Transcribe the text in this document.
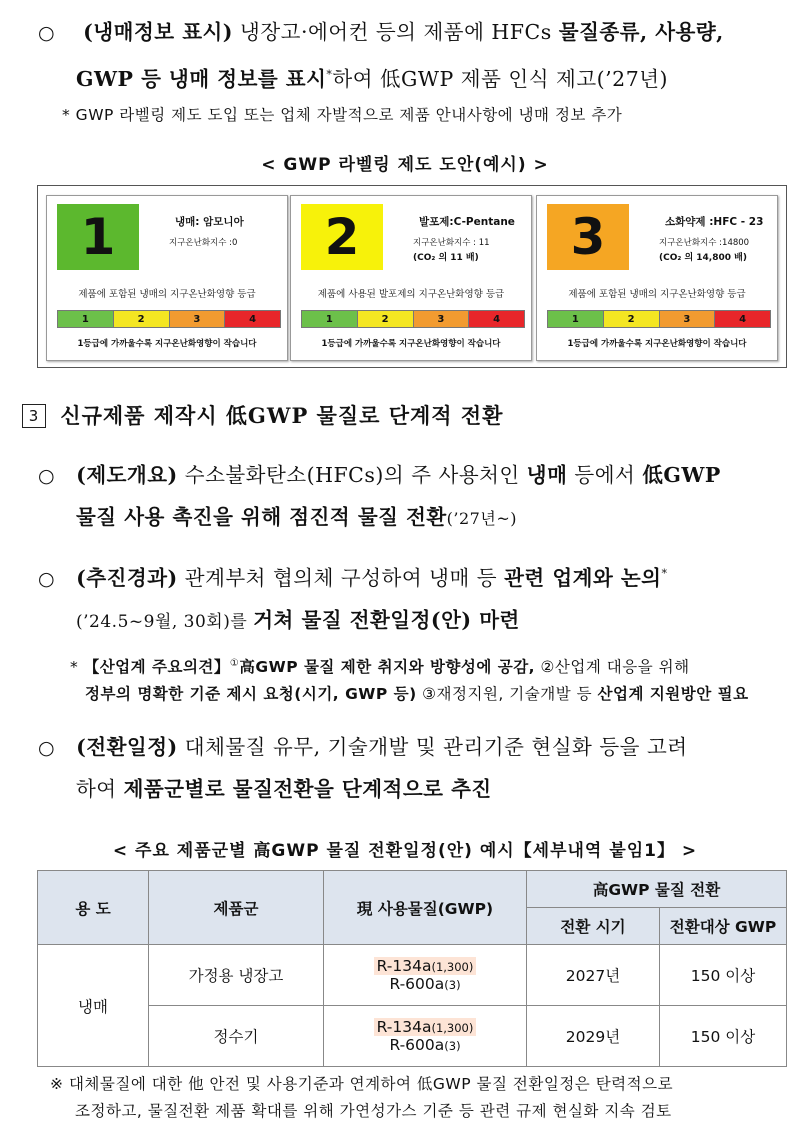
○ (냉매정보 표시) 냉장고·에어컨 등의 제품에 HFCs 물질종류, 사용량,
GWP 등 냉매 정보를 표시*하여 低GWP 제품 인식 제고(’27년)
* GWP 라벨링 제도 도입 또는 업체 자발적으로 제품 안내사항에 냉매 정보 추가
< GWP 라벨링 제도 도안(예시) >
1	냉매: 암모니아
지구온난화지수 :0
제품에 포함된 냉매의 지구온난화영향 등급
1	2	3	4
1등급에 가까울수록 지구온난화영향이 작습니다
2	발포제:C-Pentane
지구온난화지수 : 11
(CO₂ 의 11 배)
제품에 사용된 발포제의 지구온난화영향 등급
1	2	3	4
1등급에 가까울수록 지구온난화영향이 작습니다
3	소화약제 :HFC - 23
지구온난화지수 :14800
(CO₂ 의 14,800 배)
제품에 포함된 냉매의 지구온난화영향 등급
1	2	3	4
1등급에 가까울수록 지구온난화영향이 작습니다
3 신규제품 제작시 低GWP 물질로 단계적 전환
○ (제도개요) 수소불화탄소(HFCs)의 주 사용처인 냉매 등에서 低GWP
물질 사용 촉진을 위해 점진적 물질 전환(’27년~)
○ (추진경과) 관계부처 협의체 구성하여 냉매 등 관련 업계와 논의*
(’24.5~9월, 30회)를 거쳐 물질 전환일정(안) 마련
* 【산업계 주요의견】①高GWP 물질 제한 취지와 방향성에 공감, ②산업계 대응을 위해
정부의 명확한 기준 제시 요청(시기, GWP 등) ③재정지원, 기술개발 등 산업계 지원방안 필요
○ (전환일정) 대체물질 유무, 기술개발 및 관리기준 현실화 등을 고려
하여 제품군별로 물질전환을 단계적으로 추진
< 주요 제품군별 高GWP 물질 전환일정(안) 예시【세부내역 붙임1】 >
용 도	제품군	現 사용물질(GWP)	高GWP 물질 전환	
			전환 시기	전환대상 GWP
냉매	가정용 냉장고	R-134a(1,300)
R-600a(3)	2027년	150 이상
	정수기	R-134a(1,300)
R-600a(3)	2029년	150 이상
※ 대체물질에 대한 他 안전 및 사용기준과 연계하여 低GWP 물질 전환일정은 탄력적으로
조정하고, 물질전환 제품 확대를 위해 가연성가스 기준 등 관련 규제 현실화 지속 검토
